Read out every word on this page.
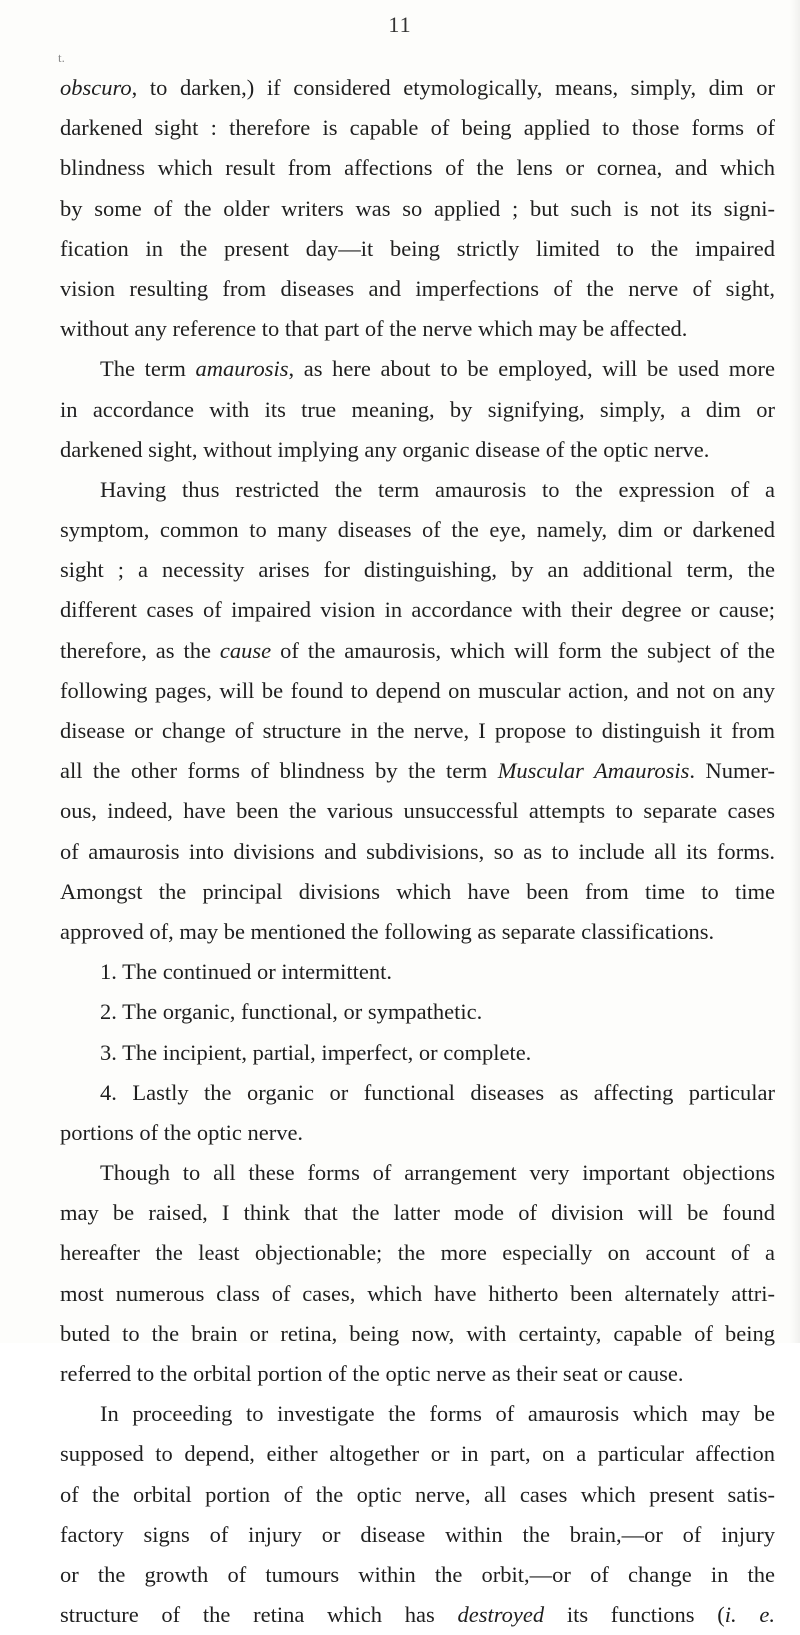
11
t.
obscuro, to darken,) if considered etymologically, means, simply, dim or
darkened sight : therefore is capable of being applied to those forms of
blindness which result from affections of the lens or cornea, and which
by some of the older writers was so applied ; but such is not its signi-
fication in the present day—it being strictly limited to the impaired
vision resulting from diseases and imperfections of the nerve of sight,
without any reference to that part of the nerve which may be affected.
The term amaurosis, as here about to be employed, will be used more
in accordance with its true meaning, by signifying, simply, a dim or
darkened sight, without implying any organic disease of the optic nerve.
Having thus restricted the term amaurosis to the expression of a
symptom, common to many diseases of the eye, namely, dim or darkened
sight ; a necessity arises for distinguishing, by an additional term, the
different cases of impaired vision in accordance with their degree or cause;
therefore, as the cause of the amaurosis, which will form the subject of the
following pages, will be found to depend on muscular action, and not on any
disease or change of structure in the nerve, I propose to distinguish it from
all the other forms of blindness by the term Muscular Amaurosis. Numer-
ous, indeed, have been the various unsuccessful attempts to separate cases
of amaurosis into divisions and subdivisions, so as to include all its forms.
Amongst the principal divisions which have been from time to time
approved of, may be mentioned the following as separate classifications.
1. The continued or intermittent.
2. The organic, functional, or sympathetic.
3. The incipient, partial, imperfect, or complete.
4. Lastly the organic or functional diseases as affecting particular
portions of the optic nerve.
Though to all these forms of arrangement very important objections
may be raised, I think that the latter mode of division will be found
hereafter the least objectionable; the more especially on account of a
most numerous class of cases, which have hitherto been alternately attri-
buted to the brain or retina, being now, with certainty, capable of being
referred to the orbital portion of the optic nerve as their seat or cause.
In proceeding to investigate the forms of amaurosis which may be
supposed to depend, either altogether or in part, on a particular affection
of the orbital portion of the optic nerve, all cases which present satis-
factory signs of injury or disease within the brain,—or of injury
or the growth of tumours within the orbit,—or of change in the
structure of the retina which has destroyed its functions (i. e.
